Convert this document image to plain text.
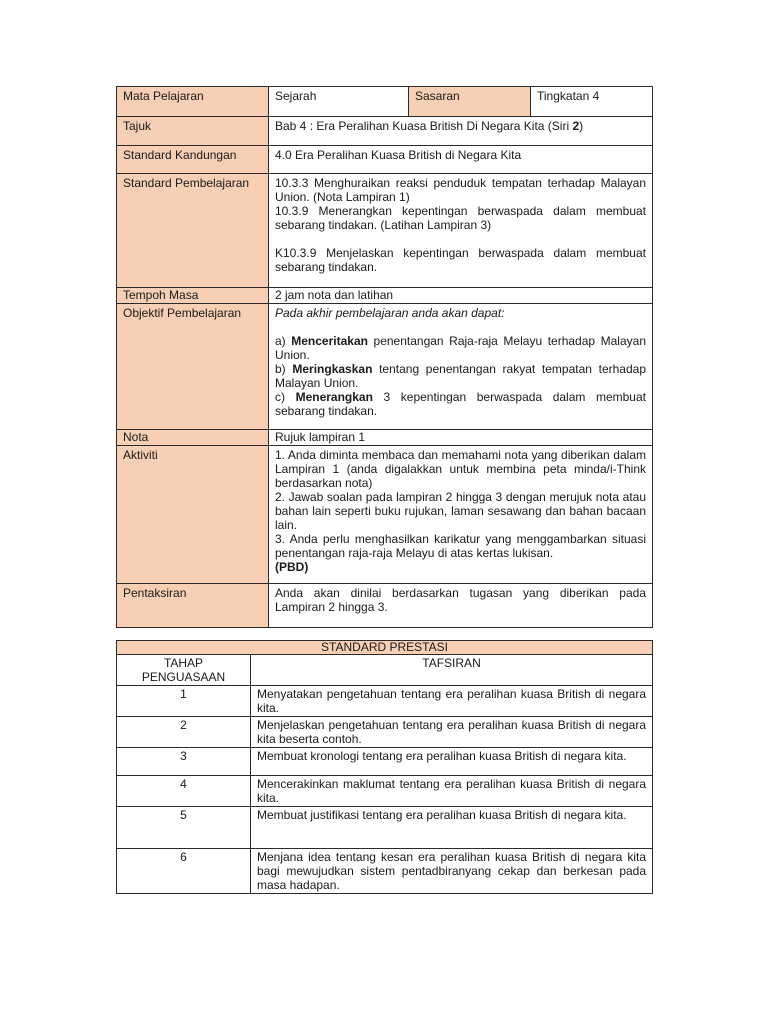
Mata Pelajaran	Sejarah	Sasaran	Tingkatan 4
Tajuk	Bab 4 : Era Peralihan Kuasa British Di Negara Kita (Siri 2)		
Standard Kandungan	4.0 Era Peralihan Kuasa British di Negara Kita		
Standard Pembelajaran	10.3.3 Menghuraikan reaksi penduduk tempatan terhadap Malayan Union. (Nota Lampiran 1)

10.3.9 Menerangkan kepentingan berwaspada dalam membuat sebarang tindakan. (Latihan Lampiran 3)

K10.3.9 Menjelaskan kepentingan berwaspada dalam membuat sebarang tindakan.		

Tempoh Masa	2 jam nota dan latihan		
Objektif Pembelajaran	Pada akhir pembelajaran anda akan dapat:

a) Menceritakan penentangan Raja-raja Melayu terhadap Malayan Union.

b) Meringkaskan tentang penentangan rakyat tempatan terhadap Malayan Union.

c) Menerangkan 3 kepentingan berwaspada dalam membuat sebarang tindakan.		

Nota	Rujuk lampiran 1		
Aktiviti	1. Anda diminta membaca dan memahami nota yang diberikan dalam Lampiran 1 (anda digalakkan untuk membina peta minda/i-Think berdasarkan nota)

2. Jawab soalan pada lampiran 2 hingga 3 dengan merujuk nota atau bahan lain seperti buku rujukan, laman sesawang dan bahan bacaan lain.

3. Anda perlu menghasilkan karikatur yang menggambarkan situasi penentangan raja-raja Melayu di atas kertas lukisan.

(PBD)		

Pentaksiran	Anda akan dinilai berdasarkan tugasan yang diberikan pada Lampiran 2 hingga 3.		
STANDARD PRESTASI	
TAHAP PENGUASAAN	TAFSIRAN
1	Menyatakan pengetahuan tentang era peralihan kuasa British di negara kita.
2	Menjelaskan pengetahuan tentang era peralihan kuasa British di negara kita beserta contoh.
3	Membuat kronologi tentang era peralihan kuasa British di negara kita.
4	Mencerakinkan maklumat tentang era peralihan kuasa British di negara kita.
5	Membuat justifikasi tentang era peralihan kuasa British di negara kita.
6	Menjana idea tentang kesan era peralihan kuasa British di negara kita bagi mewujudkan sistem pentadbiranyang cekap dan berkesan pada masa hadapan.
